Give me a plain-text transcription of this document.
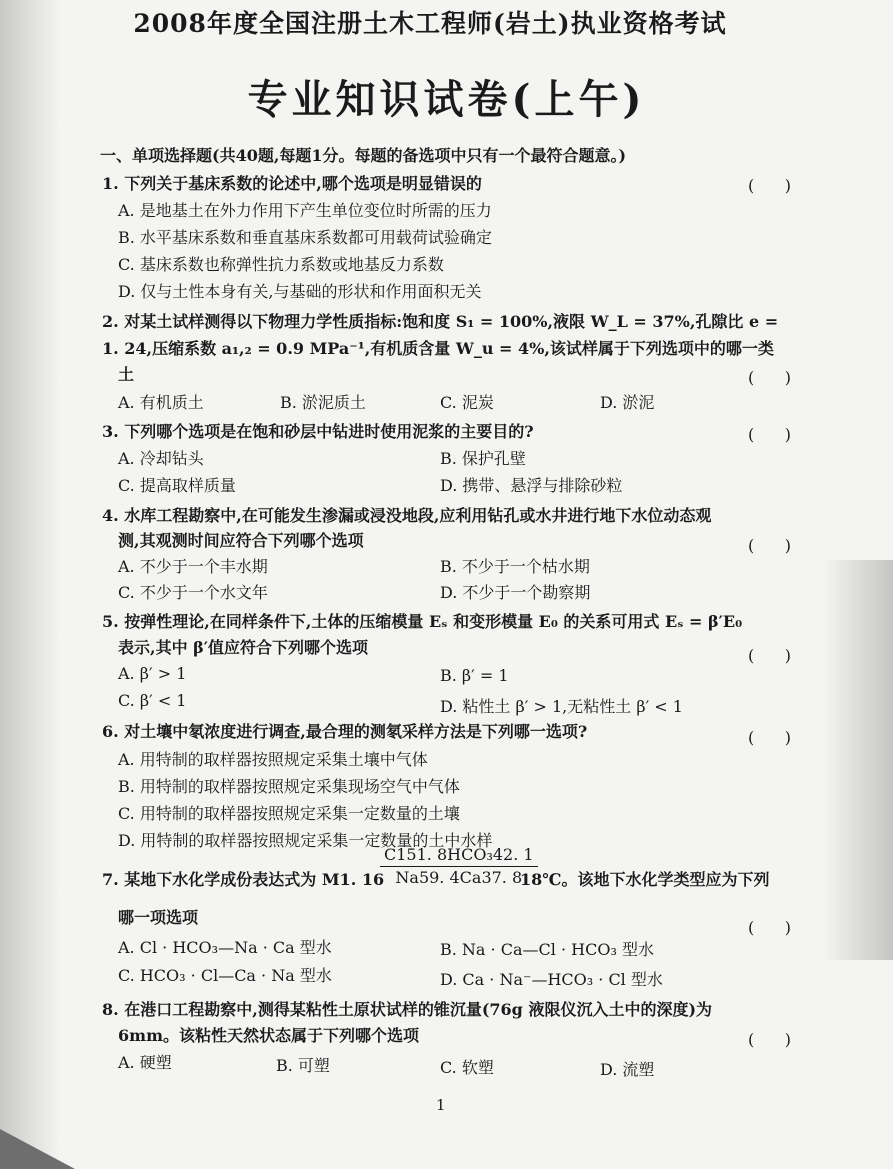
2008年度全国注册土木工程师(岩土)执业资格考试
专业知识试卷(上午)
一、单项选择题(共40题,每题1分。每题的备选项中只有一个最符合题意。)
1. 下列关于基床系数的论述中,哪个选项是明显错误的	(      )
A. 是地基土在外力作用下产生单位变位时所需的压力
B. 水平基床系数和垂直基床系数都可用载荷试验确定
C. 基床系数也称弹性抗力系数或地基反力系数
D. 仅与土性本身有关,与基础的形状和作用面积无关
2. 对某土试样测得以下物理力学性质指标:饱和度 S₁ = 100%,液限 W_L = 37%,孔隙比 e =
1. 24,压缩系数 a₁,₂ = 0.9 MPa⁻¹,有机质含量 W_u = 4%,该试样属于下列选项中的哪一类
土	(      )
A. 有机质土	B. 淤泥质土	C. 泥炭	D. 淤泥
3. 下列哪个选项是在饱和砂层中钻进时使用泥浆的主要目的?	(      )
A. 冷却钻头	B. 保护孔壁
C. 提高取样质量	D. 携带、悬浮与排除砂粒
4. 水库工程勘察中,在可能发生渗漏或浸没地段,应利用钻孔或水井进行地下水位动态观
测,其观测时间应符合下列哪个选项	(      )
A. 不少于一个丰水期	B. 不少于一个枯水期
C. 不少于一个水文年	D. 不少于一个勘察期
5. 按弹性理论,在同样条件下,土体的压缩模量 Eₛ 和变形模量 E₀ 的关系可用式 Eₛ = β′E₀
表示,其中 β′值应符合下列哪个选项	(      )
A. β′ > 1	B. β′ = 1
C. β′ < 1	D. 粘性土 β′ > 1,无粘性土 β′ < 1
6. 对土壤中氡浓度进行调查,最合理的测氡采样方法是下列哪一选项?	(      )
A. 用特制的取样器按照规定采集土壤中气体
B. 用特制的取样器按照规定采集现场空气中气体
C. 用特制的取样器按照规定采集一定数量的土壤
D. 用特制的取样器按照规定采集一定数量的土中水样
7. 某地下水化学成份表达式为 M1. 16
C151. 8HCO₃42. 1
Na59. 4Ca37. 8
18℃。该地下水化学类型应为下列
哪一项选项
(      )
A. Cl · HCO₃—Na · Ca 型水	B. Na · Ca—Cl · HCO₃ 型水
C. HCO₃ · Cl—Ca · Na 型水	D. Ca · Na⁻—HCO₃ · Cl 型水
8. 在港口工程勘察中,测得某粘性土原状试样的锥沉量(76g 液限仪沉入土中的深度)为
6mm。该粘性天然状态属于下列哪个选项	(      )
A. 硬塑	B. 可塑	C. 软塑	D. 流塑
1
